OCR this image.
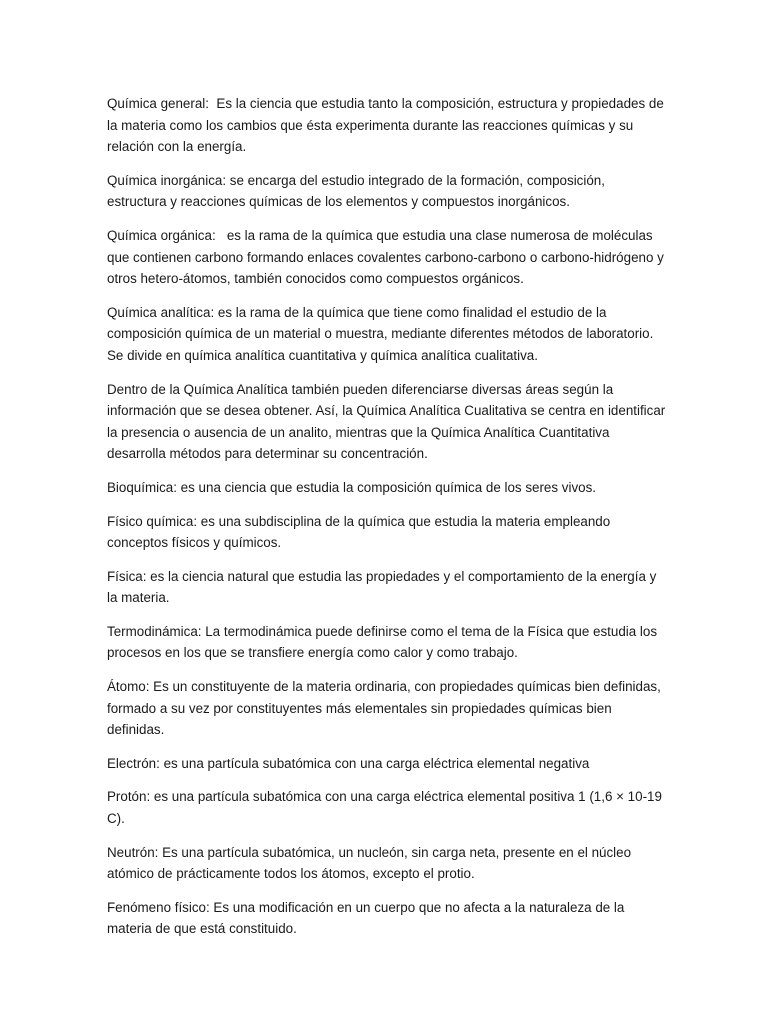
Química general:  Es la ciencia que estudia tanto la composición, estructura y propiedades de la materia como los cambios que ésta experimenta durante las reacciones químicas y su relación con la energía.

Química inorgánica: se encarga del estudio integrado de la formación, composición, estructura y reacciones químicas de los elementos y compuestos inorgánicos.

Química orgánica:   es la rama de la química que estudia una clase numerosa de moléculas que contienen carbono formando enlaces covalentes carbono-carbono o carbono-hidrógeno y otros hetero-átomos, también conocidos como compuestos orgánicos.

Química analítica: es la rama de la química que tiene como finalidad el estudio de la composición química de un material o muestra, mediante diferentes métodos de laboratorio. Se divide en química analítica cuantitativa y química analítica cualitativa.

Dentro de la Química Analítica también pueden diferenciarse diversas áreas según la información que se desea obtener. Así, la Química Analítica Cualitativa se centra en identificar la presencia o ausencia de un analito, mientras que la Química Analítica Cuantitativa desarrolla métodos para determinar su concentración.

Bioquímica: es una ciencia que estudia la composición química de los seres vivos.

Físico química: es una subdisciplina de la química que estudia la materia empleando conceptos físicos y químicos.

Física: es la ciencia natural que estudia las propiedades y el comportamiento de la energía y la materia.

Termodinámica: La termodinámica puede definirse como el tema de la Física que estudia los procesos en los que se transfiere energía como calor y como trabajo.

Átomo: Es un constituyente de la materia ordinaria, con propiedades químicas bien definidas, formado a su vez por constituyentes más elementales sin propiedades químicas bien definidas.

Electrón: es una partícula subatómica con una carga eléctrica elemental negativa

Protón: es una partícula subatómica con una carga eléctrica elemental positiva 1 (1,6 × 10-19 C).

Neutrón: Es una partícula subatómica, un nucleón, sin carga neta, presente en el núcleo atómico de prácticamente todos los átomos, excepto el protio.

Fenómeno físico: Es una modificación en un cuerpo que no afecta a la naturaleza de la materia de que está constituido.
